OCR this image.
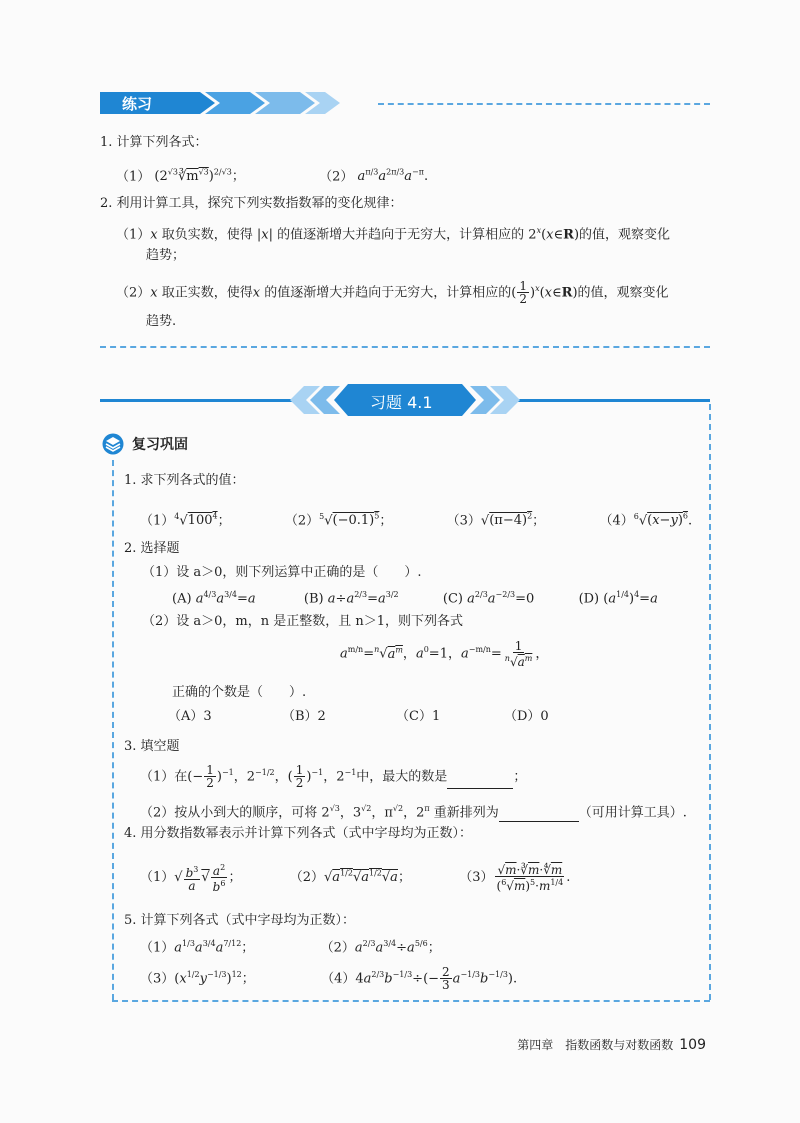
练习
1. 计算下列各式：
（1） $(2^{√3}∛m^{√3})^{2/√3}$；	（2） $a^{\pi/3}a^{2\pi/3}a^{-\pi}$.
2. 利用计算工具，探究下列实数指数幂的变化规律：
（1）x 取负实数，使得 |x| 的值逐渐增大并趋向于无穷大，计算相应的 2$^x$(x∈R)的值，观察变化
趋势；
（2）x 取正实数，使得x 的值逐渐增大并趋向于无穷大，计算相应的( $\frac{1}{2}$ )$^x$(x∈R)的值，观察变化
趋势.
习题 4.1
复习巩固
1. 求下列各式的值：
$(1)^4√100^4$；	$(2)^5√(-0.1)^5$；	$(3)√(\pi-4)^2$；	$(4)^6√(x-y)^6$.
2. 选择题
（1）设 a＞0，则下列运算中正确的是（　　）.
(A) $a^{4/3}a^{3/4}=a$	(B) $a\div a^{2/3}=a^{3/2}$	(C) $a^{2/3}a^{-2/3}=0$	(D) $(a^{1/4})^4=a$
（2）设 a＞0，m，n 是正整数，且 n＞1，则下列各式
$a^{m/n}=^n√a^m$，$a^0=1$，$a^{-m/n}= \frac{1}{^n√a^m}$ ，
正确的个数是（　　）.
（A）3	（B）2	（C）1	（D）0
3. 填空题
（1）在(− $\frac{1}{2} )^{-1}$，$2^{-1/2}$，( $\frac{1}{2} )^{-1}$，$2^{-1}$中，最大的数是	；
（2）按从小到大的顺序，可将 $2^{√3}$，$3^{√2}$，$\pi^{√2}$，$2^\pi$ 重新排列为	（可用计算工具）.
4. 用分数指数幂表示并计算下列各式（式中字母均为正数）：
$(1)√ \frac{b^3}{a}$ √ $\frac{a^2}{b^6}$ ；	$(2)√a^{1/2}√a^{1/2}√a$；	$(3) \frac{√m\cdot∛\overline{m}\cdot∜\overline{m}}{(^6√m)^5\cdot m^{1/4}}$ .
5. 计算下列各式（式中字母均为正数）：
$(1)a^{1/3}a^{3/4}a^{7/12}$；	$(2)a^{2/3}a^{3/4}\div a^{5/6}$；
$(3)(x^{1/2}y^{-1/3})^{12}$；	$(4)4a^{2/3}b^{-1/3}\div(- \frac{2}{3} a^{-1/3}b^{-1/3})$.
第四章　指数函数与对数函数 109
